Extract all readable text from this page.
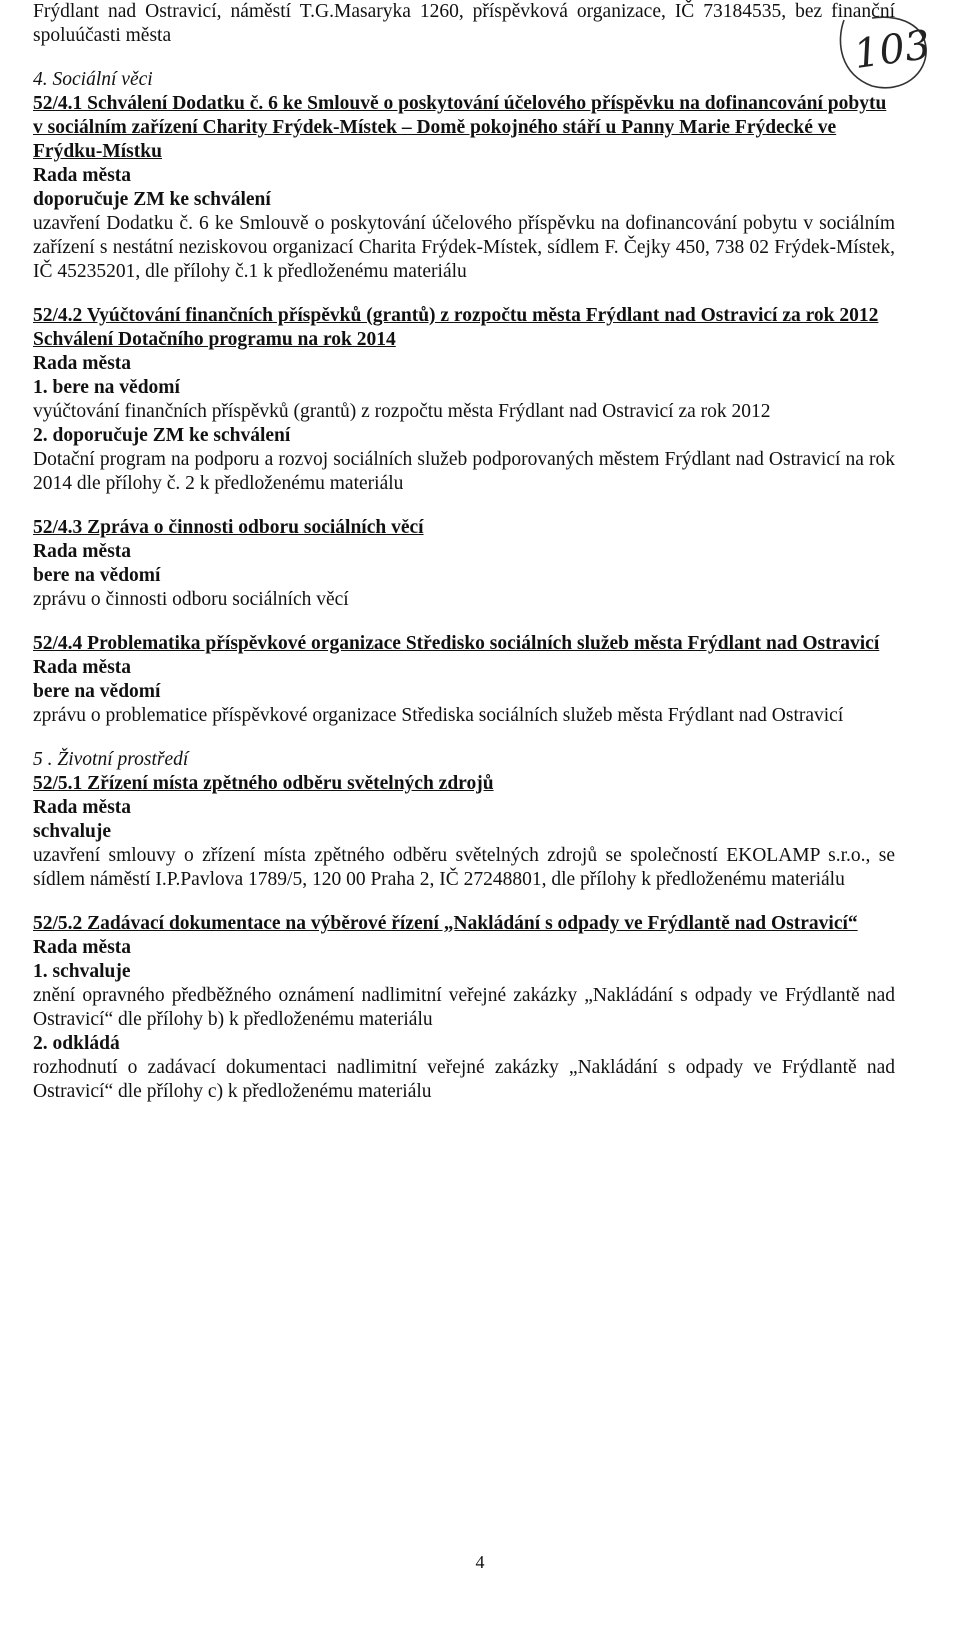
103

Frýdlant nad Ostravicí, náměstí T.G.Masaryka 1260, příspěvková organizace, IČ 73184535, bez finanční spoluúčasti města

4. Sociální věci

52/4.1 Schválení Dodatku č. 6 ke Smlouvě o poskytování účelového příspěvku na dofinancování pobytu v sociálním zařízení Charity Frýdek-Místek – Domě pokojného stáří u Panny Marie Frýdecké ve Frýdku-Místku

Rada města

doporučuje ZM ke schválení

uzavření Dodatku č. 6 ke Smlouvě o poskytování účelového příspěvku na dofinancování pobytu v sociálním zařízení s nestátní neziskovou organizací Charita Frýdek-Místek, sídlem F. Čejky 450, 738 02 Frýdek-Místek, IČ 45235201, dle přílohy č.1 k předloženému materiálu

52/4.2 Vyúčtování finančních příspěvků (grantů) z rozpočtu města Frýdlant nad Ostravicí za rok 2012

Schválení Dotačního programu na rok 2014

Rada města

1. bere na vědomí

vyúčtování finančních příspěvků (grantů) z rozpočtu města Frýdlant nad Ostravicí za rok 2012

2. doporučuje ZM ke schválení

Dotační program na podporu a rozvoj sociálních služeb podporovaných městem Frýdlant nad Ostravicí na rok 2014 dle přílohy č. 2 k předloženému materiálu

52/4.3 Zpráva o činnosti odboru sociálních věcí

Rada města

bere na vědomí

zprávu o činnosti odboru sociálních věcí

52/4.4 Problematika příspěvkové organizace Středisko sociálních služeb města Frýdlant nad Ostravicí

Rada města

bere na vědomí

zprávu o problematice příspěvkové organizace Střediska sociálních služeb města Frýdlant nad Ostravicí

5 . Životní prostředí

52/5.1 Zřízení místa zpětného odběru světelných zdrojů

Rada města

schvaluje

uzavření smlouvy o zřízení místa zpětného odběru světelných zdrojů se společností EKOLAMP s.r.o., se sídlem náměstí I.P.Pavlova 1789/5, 120 00 Praha 2, IČ 27248801, dle přílohy k předloženému materiálu

52/5.2 Zadávací dokumentace na výběrové řízení „Nakládání s odpady ve Frýdlantě nad Ostravicí“

Rada města

1. schvaluje

znění opravného předběžného oznámení nadlimitní veřejné zakázky „Nakládání s odpady ve Frýdlantě nad Ostravicí“ dle přílohy b) k předloženému materiálu

2. odkládá

rozhodnutí o zadávací dokumentaci nadlimitní veřejné zakázky „Nakládání s odpady ve Frýdlantě nad Ostravicí“ dle přílohy c) k předloženému materiálu

4
